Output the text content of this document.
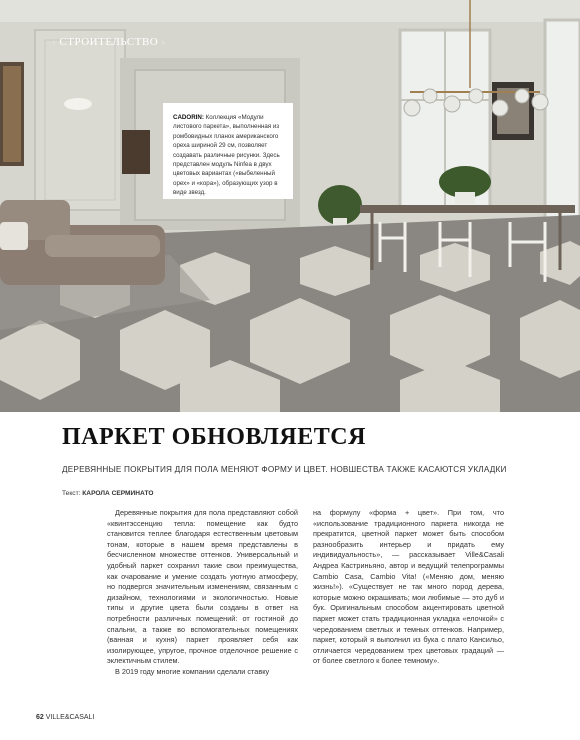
‹ СТРОИТЕЛЬСТВО ›
CADORIN: Коллекция «Модули листового паркета», выполненная из ромбовидных планок американского ореха шириной 29 см, позволяет создавать различные рисунки. Здесь представлен модуль Ninfea в двух цветовых вариантах («выбеленный орех» и «кора»), образующих узор в виде звезд.
ПАРКЕТ ОБНОВЛЯЕТСЯ
ДЕРЕВЯННЫЕ ПОКРЫТИЯ ДЛЯ ПОЛА МЕНЯЮТ ФОРМУ И ЦВЕТ. НОВШЕСТВА ТАКЖЕ КАСАЮТСЯ УКЛАДКИ
Текст: КАРОЛА СЕРМИНАТО

Деревянные покрытия для пола представляют собой «квинтэссенцию тепла: помещение как будто становится теплее благодаря естественным цветовым тонам, которые в нашем время представлены в бесчисленном множестве оттенков. Универсальный и удобный паркет сохранил такие свои преимущества, как очарование и умение создать уютную атмосферу, но подвергся значительным изменениям, связанным с дизайном, технологиями и экологичностью. Новые типы и другие цвета были созданы в ответ на потребности различных помещений: от гостиной до спальни, а также во вспомогательных помещениях (ванная и кухня) паркет проявляет себя как изолирующее, упругое, прочное отделочное решение с эклектичным стилем.

В 2019 году многие компании сделали ставку

на формулу «форма + цвет». При том, что «использование традиционного паркета никогда не прекратится, цветной паркет может быть способом разнообразить интерьер и придать ему индивидуальность», — рассказывает Ville&Casali Андреа Кастриньяно, автор и ведущий телепрограммы Cambio Casa, Cambio Vita! («Меняю дом, меняю жизнь!»). «Существует не так много пород дерева, которые можно окрашивать; мои любимые — это дуб и бук. Оригинальным способом акцентировать цветной паркет может стать традиционная укладка «елочкой» с чередованием светлых и темных оттенков. Например, паркет, который я выполнил из бука с плато Кансильо, отличается чередованием трех цветовых градаций — от более светлого к более темному».

62 VILLE&CASALI
